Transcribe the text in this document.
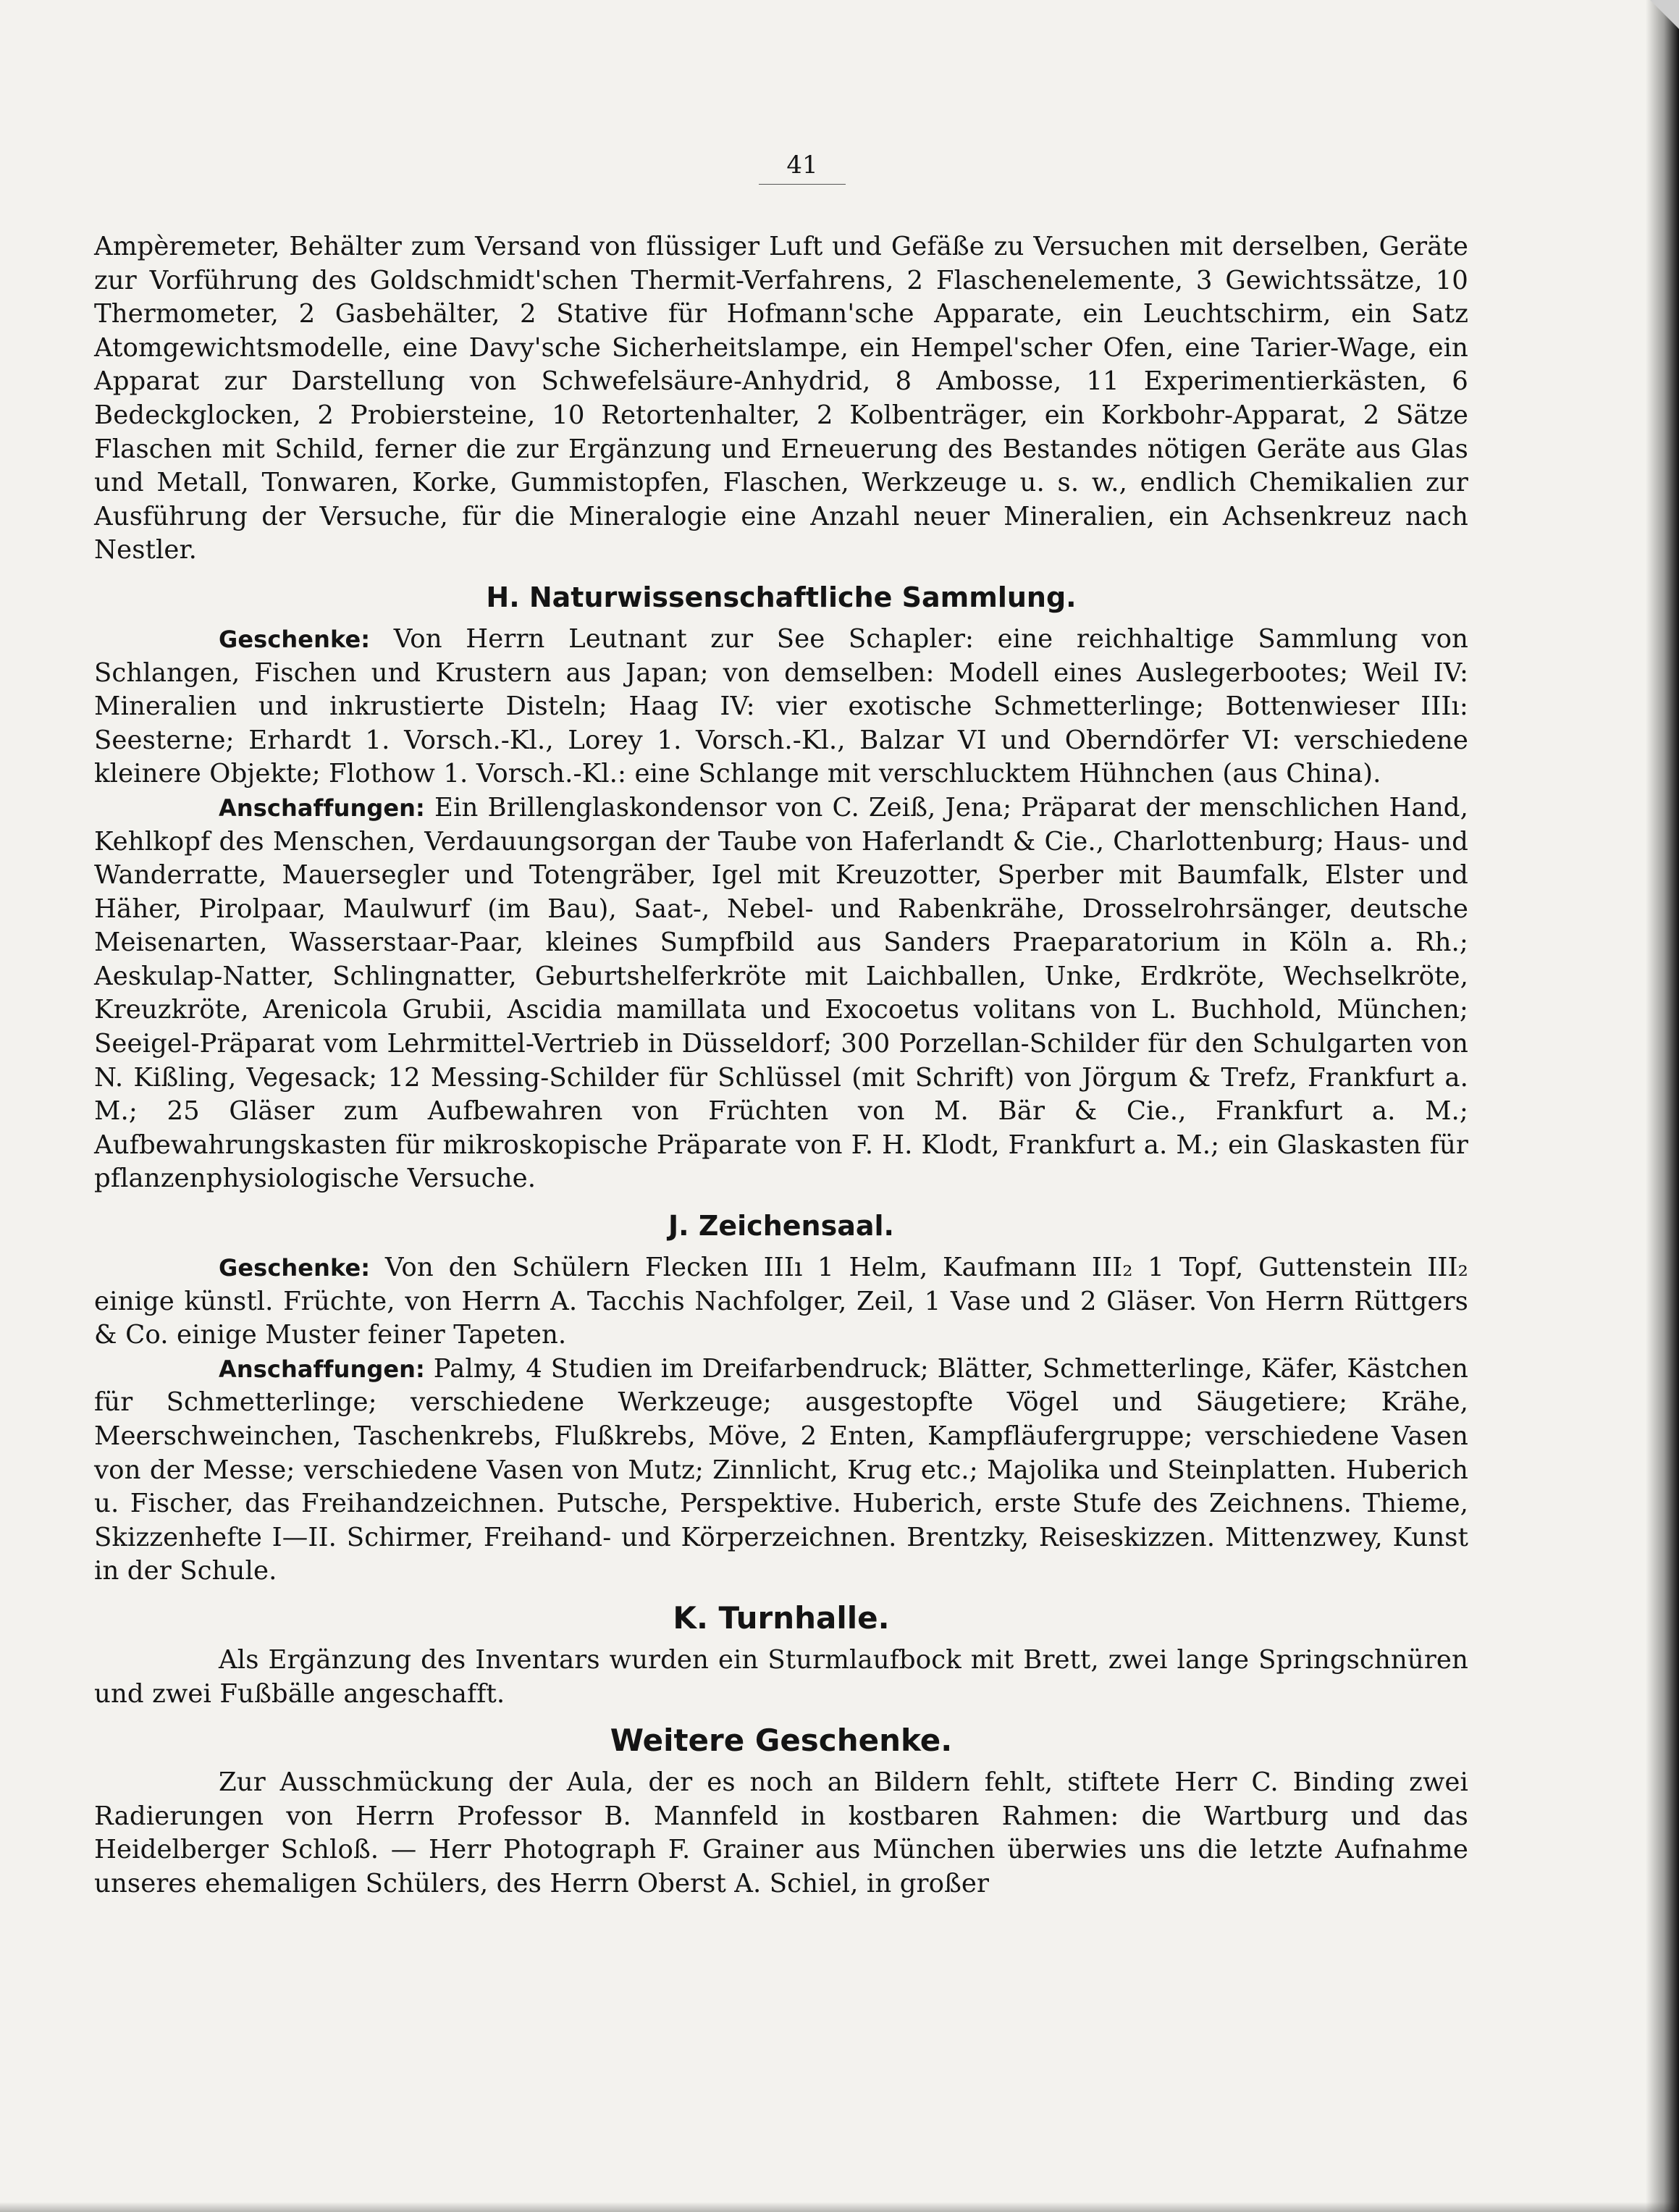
41

Ampèremeter, Behälter zum Versand von flüssiger Luft und Gefäße zu Versuchen mit derselben, Geräte zur Vorführung des Goldschmidt'schen Thermit-Verfahrens, 2 Flaschenelemente, 3 Gewichtssätze, 10 Thermometer, 2 Gasbehälter, 2 Stative für Hofmann'sche Apparate, ein Leuchtschirm, ein Satz Atomgewichtsmodelle, eine Davy'sche Sicherheitslampe, ein Hempel'scher Ofen, eine Tarier-Wage, ein Apparat zur Darstellung von Schwefelsäure-Anhydrid, 8 Ambosse, 11 Experimentierkästen, 6 Bedeckglocken, 2 Probiersteine, 10 Retortenhalter, 2 Kolbenträger, ein Korkbohr-Apparat, 2 Sätze Flaschen mit Schild, ferner die zur Ergänzung und Erneuerung des Bestandes nötigen Geräte aus Glas und Metall, Tonwaren, Korke, Gummistopfen, Flaschen, Werkzeuge u. s. w., endlich Chemikalien zur Ausführung der Versuche, für die Mineralogie eine Anzahl neuer Mineralien, ein Achsenkreuz nach Nestler.

H. Naturwissenschaftliche Sammlung.

Geschenke: Von Herrn Leutnant zur See Schapler: eine reichhaltige Sammlung von Schlangen, Fischen und Krustern aus Japan; von demselben: Modell eines Auslegerbootes; Weil IV: Mineralien und inkrustierte Disteln; Haag IV: vier exotische Schmetterlinge; Bottenwieser IIIı: Seesterne; Erhardt 1. Vorsch.-Kl., Lorey 1. Vorsch.-Kl., Balzar VI und Oberndörfer VI: verschiedene kleinere Objekte; Flothow 1. Vorsch.-Kl.: eine Schlange mit verschlucktem Hühnchen (aus China).

Anschaffungen: Ein Brillenglaskondensor von C. Zeiß, Jena; Präparat der menschlichen Hand, Kehlkopf des Menschen, Verdauungsorgan der Taube von Haferlandt & Cie., Charlottenburg; Haus- und Wanderratte, Mauersegler und Totengräber, Igel mit Kreuzotter, Sperber mit Baumfalk, Elster und Häher, Pirolpaar, Maulwurf (im Bau), Saat-, Nebel- und Rabenkrähe, Drosselrohrsänger, deutsche Meisenarten, Wasserstaar-Paar, kleines Sumpfbild aus Sanders Praeparatorium in Köln a. Rh.; Aeskulap-Natter, Schlingnatter, Geburtshelferkröte mit Laichballen, Unke, Erdkröte, Wechselkröte, Kreuzkröte, Arenicola Grubii, Ascidia mamillata und Exocoetus volitans von L. Buchhold, München; Seeigel-Präparat vom Lehrmittel-Vertrieb in Düsseldorf; 300 Porzellan-Schilder für den Schulgarten von N. Kißling, Vegesack; 12 Messing-Schilder für Schlüssel (mit Schrift) von Jörgum & Trefz, Frankfurt a. M.; 25 Gläser zum Aufbewahren von Früchten von M. Bär & Cie., Frankfurt a. M.; Aufbewahrungskasten für mikroskopische Präparate von F. H. Klodt, Frankfurt a. M.; ein Glaskasten für pflanzenphysiologische Versuche.

J. Zeichensaal.

Geschenke: Von den Schülern Flecken IIIı 1 Helm, Kaufmann III₂ 1 Topf, Guttenstein III₂ einige künstl. Früchte, von Herrn A. Tacchis Nachfolger, Zeil, 1 Vase und 2 Gläser. Von Herrn Rüttgers & Co. einige Muster feiner Tapeten.

Anschaffungen: Palmy, 4 Studien im Dreifarbendruck; Blätter, Schmetterlinge, Käfer, Kästchen für Schmetterlinge; verschiedene Werkzeuge; ausgestopfte Vögel und Säugetiere; Krähe, Meerschweinchen, Taschenkrebs, Flußkrebs, Möve, 2 Enten, Kampfläufergruppe; verschiedene Vasen von der Messe; verschiedene Vasen von Mutz; Zinnlicht, Krug etc.; Majolika und Steinplatten. Huberich u. Fischer, das Freihandzeichnen. Putsche, Perspektive. Huberich, erste Stufe des Zeichnens. Thieme, Skizzenhefte I—II. Schirmer, Freihand- und Körperzeichnen. Brentzky, Reiseskizzen. Mittenzwey, Kunst in der Schule.

K. Turnhalle.

Als Ergänzung des Inventars wurden ein Sturmlaufbock mit Brett, zwei lange Springschnüren und zwei Fußbälle angeschafft.

Weitere Geschenke.

Zur Ausschmückung der Aula, der es noch an Bildern fehlt, stiftete Herr C. Binding zwei Radierungen von Herrn Professor B. Mannfeld in kostbaren Rahmen: die Wartburg und das Heidelberger Schloß. — Herr Photograph F. Grainer aus München überwies uns die letzte Aufnahme unseres ehemaligen Schülers, des Herrn Oberst A. Schiel, in großer
